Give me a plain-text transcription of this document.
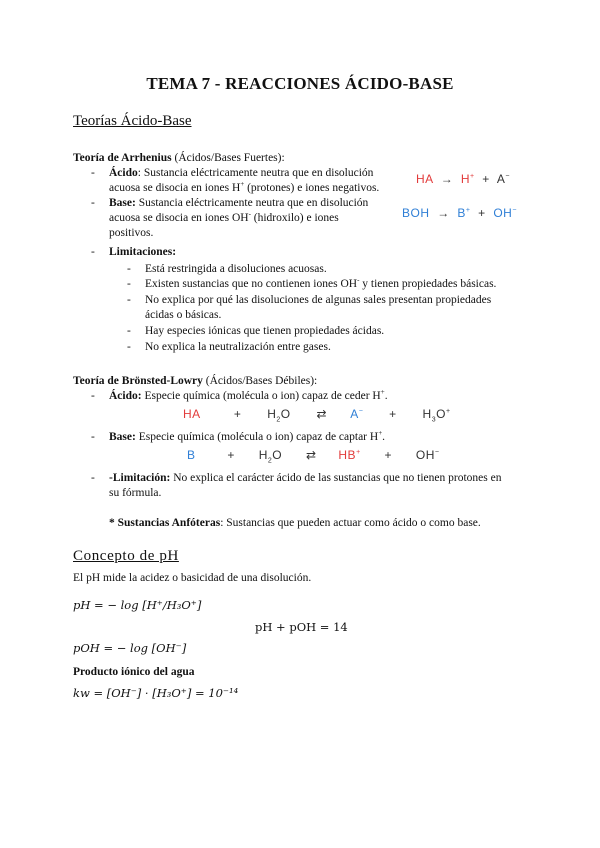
TEMA 7 - REACCIONES ÁCIDO-BASE
Teorías Ácido-Base
Teoría de Arrhenius (Ácidos/Bases Fuertes):
- Ácido: Sustancia eléctricamente neutra que en disolución
acuosa se disocia en iones H+ (protones) e iones negativos.
- Base: Sustancia eléctricamente neutra que en disolución
acuosa se disocia en iones OH- (hidroxilo) e iones
positivos.
HA → H+ + A−
BOH → B+ + OH−
- Limitaciones:
- Está restringida a disoluciones acuosas.
- Existen sustancias que no contienen iones OH- y tienen propiedades básicas.
- No explica por qué las disoluciones de algunas sales presentan propiedades
ácidas o básicas.
- Hay especies iónicas que tienen propiedades ácidas.
- No explica la neutralización entre gases.
Teoría de Brönsted-Lowry (Ácidos/Bases Débiles):
- Ácido: Especie química (molécula o ion) capaz de ceder H+.
HA	+ $H_2O$ ⇄ $A^- + H_3O^+$
- Base: Especie química (molécula o ion) capaz de captar H+.
B	+ $H_2O$ ⇄ HB+ + OH−
- -Limitación: No explica el carácter ácido de las sustancias que no tienen protones en
su fórmula.
* Sustancias Anfóteras: Sustancias que pueden actuar como ácido o como base.
Concepto de pH
El pH mide la acidez o basicidad de una disolución.
pH = − log [H⁺/H₃O⁺]
pH + pOH = 14
pOH = − log [OH⁻]
Producto iónico del agua
kw = [OH⁻] · [H₃O⁺] = 10⁻¹⁴
